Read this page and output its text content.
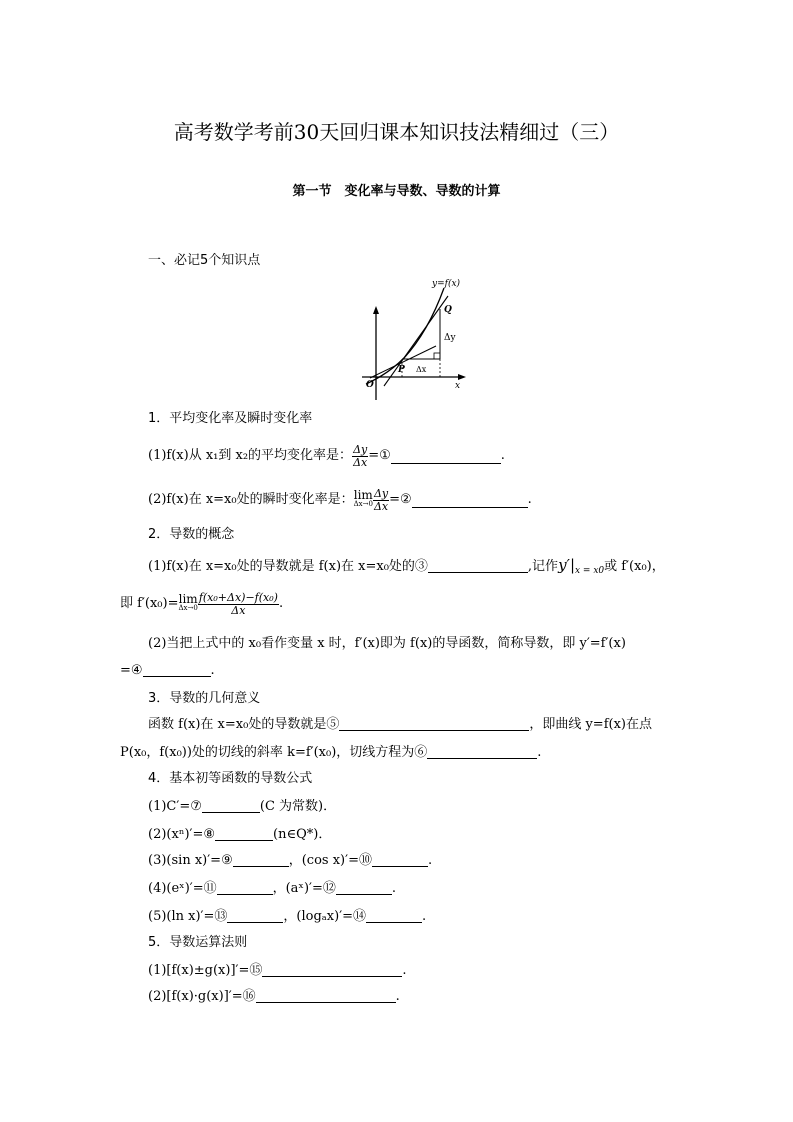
高考数学考前30天回归课本知识技法精细过（三）
第一节　变化率与导数、导数的计算
一、必记5个知识点
y=f(x)
Q
P
O	x
Δy
Δx
1．平均变化率及瞬时变化率
(1)f(x)从 x₁到 x₂的平均变化率是： $\frac{\Delta y}{\Delta x}$ =①	.
(2)f(x)在 x=x₀处的瞬时变化率是： lim
$\Delta x\to 0 \frac{\Delta y}{\Delta x}$ =②	.
2．导数的概念
(1)f(x)在 x=x₀处的导数就是 f(x)在 x=x₀处的③	,记作$y'|_{x = x0}$或 f′(x₀)，
即 f′(x₀)= lim
$\Delta x\to 0 \frac{\text{f(x₀+Δx)−f(x₀)}}{\Delta x}$ .
(2)当把上式中的 x₀看作变量 x 时，f′(x)即为 f(x)的导函数，简称导数，即 y′=f′(x)
=④	.
3．导数的几何意义
函数 f(x)在 x=x₀处的导数就是⑤	，即曲线 y=f(x)在点
P(x₀，f(x₀))处的切线的斜率 k=f′(x₀)，切线方程为⑥	.
4．基本初等函数的导数公式
(1)C′=⑦	(C 为常数)．
(2)(xⁿ)′=⑧	(n∈Q*)．
(3)(sin x)′=⑨	，(cos x)′=⑩	.
(4)(eˣ)′=⑪	，(aˣ)′=⑫	.
(5)(ln x)′=⑬	，(logₐx)′=⑭	.
5．导数运算法则
(1)[f(x)±g(x)]′=⑮	.
(2)[f(x)·g(x)]′=⑯	.
